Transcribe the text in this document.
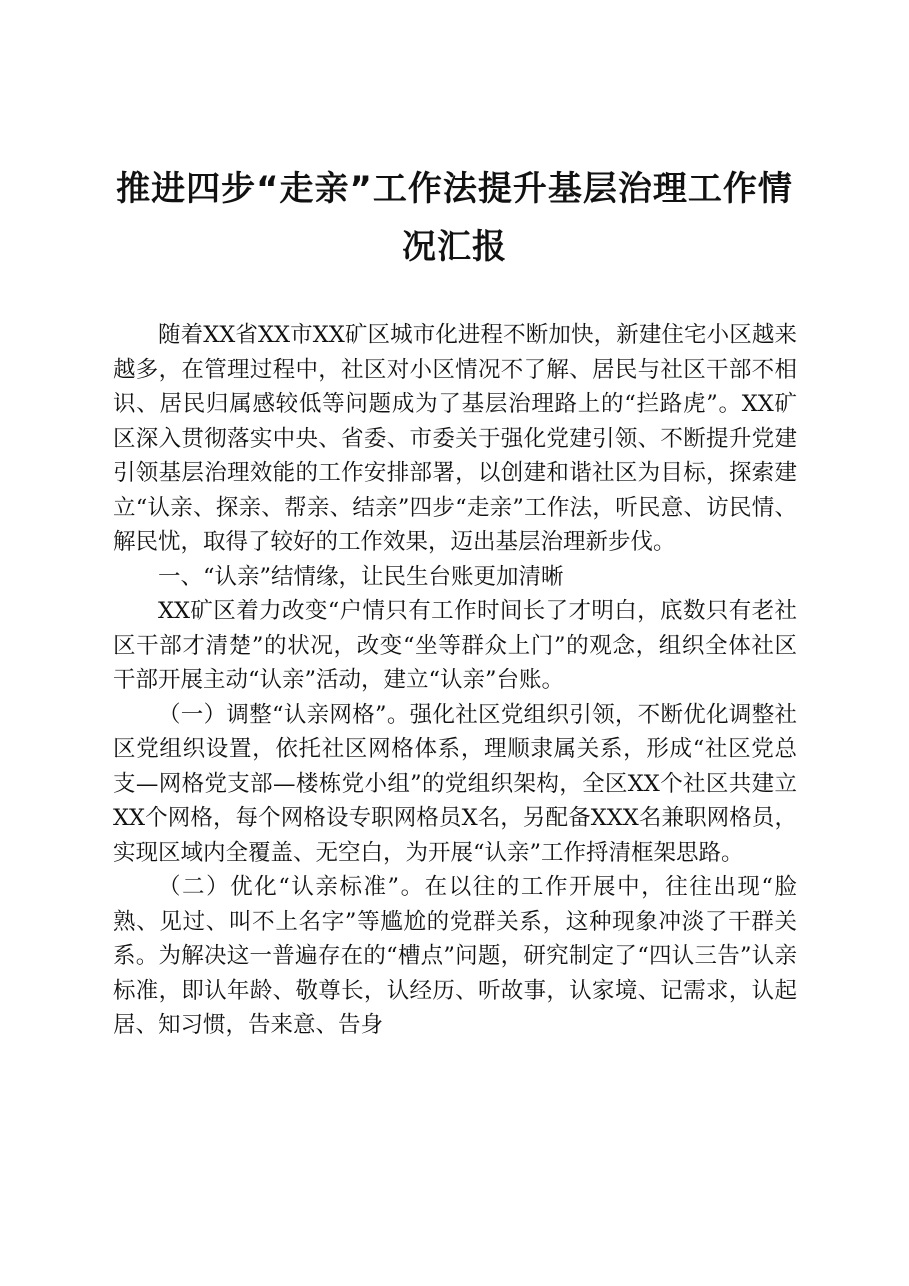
推进四步“走亲”工作法提升基层治理工作情
况汇报

随着XX省XX市XX矿区城市化进程不断加快，新建住宅小区越来越多，在管理过程中，社区对小区情况不了解、居民与社区干部不相识、居民归属感较低等问题成为了基层治理路上的“拦路虎”。XX矿区深入贯彻落实中央、省委、市委关于强化党建引领、不断提升党建引领基层治理效能的工作安排部署，以创建和谐社区为目标，探索建立“认亲、探亲、帮亲、结亲”四步“走亲”工作法，听民意、访民情、解民忧，取得了较好的工作效果，迈出基层治理新步伐。

一、“认亲”结情缘，让民生台账更加清晰

XX矿区着力改变“户情只有工作时间长了才明白，底数只有老社区干部才清楚”的状况，改变“坐等群众上门”的观念，组织全体社区干部开展主动“认亲”活动，建立“认亲”台账。

（一）调整“认亲网格”。强化社区党组织引领，不断优化调整社区党组织设置，依托社区网格体系，理顺隶属关系，形成“社区党总支—网格党支部—楼栋党小组”的党组织架构，全区XX个社区共建立XX个网格，每个网格设专职网格员X名，另配备XXX名兼职网格员，实现区域内全覆盖、无空白，为开展“认亲”工作捋清框架思路。

（二）优化“认亲标准”。在以往的工作开展中，往往出现“脸熟、见过、叫不上名字”等尴尬的党群关系，这种现象冲淡了干群关系。为解决这一普遍存在的“槽点”问题，研究制定了“四认三告”认亲标准，即认年龄、敬尊长，认经历、听故事，认家境、记需求，认起居、知习惯，告来意、告身
